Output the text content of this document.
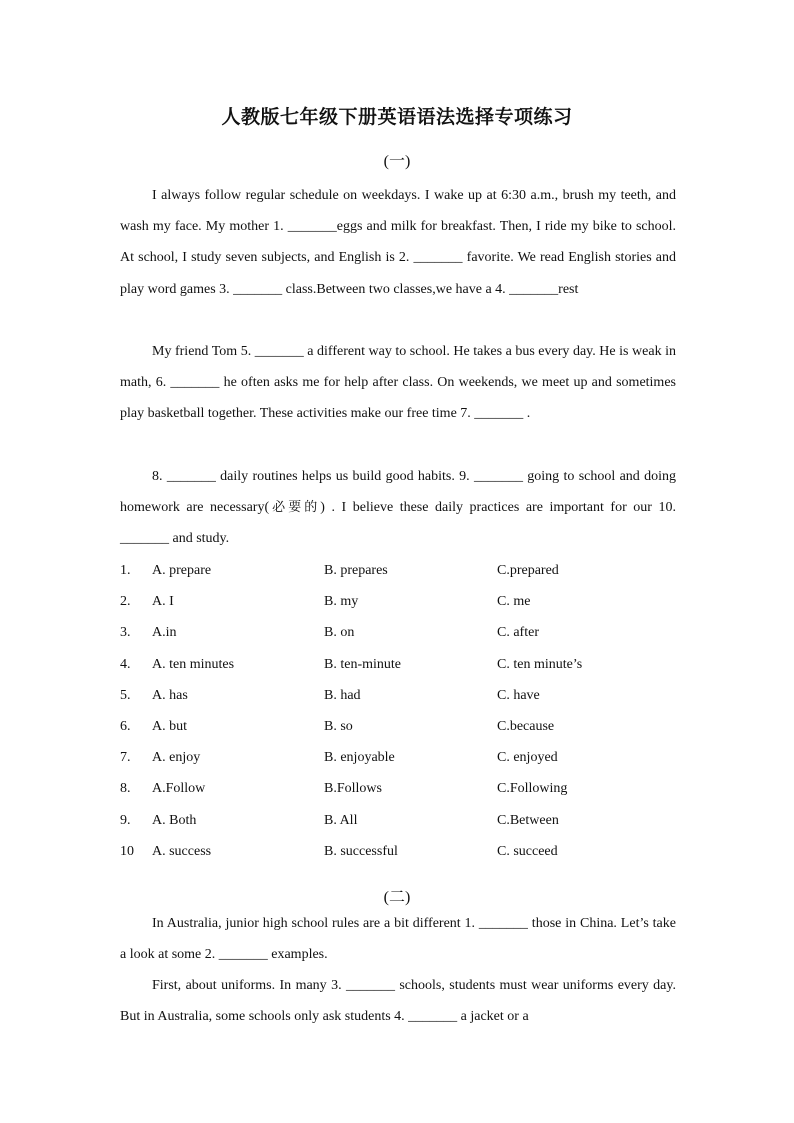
人教版七年级下册英语语法选择专项练习
(一)

I always follow regular schedule on weekdays. I wake up at 6:30 a.m., brush my teeth, and wash my face. My mother 1. _______eggs and milk for breakfast. Then, I ride my bike to school. At school, I study seven subjects, and English is 2. _______ favorite. We read English stories and play word games 3. _______ class.Between two classes,we have a 4. _______rest

My friend Tom 5. _______ a different way to school. He takes a bus every day. He is weak in math, 6. _______ he often asks me for help after class. On weekends, we meet up and sometimes play basketball together. These activities make our free time 7. _______ .

8. _______ daily routines helps us build good habits. 9. _______ going to school and doing homework are necessary(必要的) . I believe these daily practices are important for our 10. _______ and study.

1. A. prepare	B. prepares	C.prepared
2. A. I	B. my	C. me
3. A.in	B. on	C. after
4. A. ten minutes	B. ten-minute	C. ten minute’s
5. A. has	B. had	C. have
6. A. but	B. so	C.because
7. A. enjoy	B. enjoyable	C. enjoyed
8. A.Follow	B.Follows	C.Following
9. A. Both	B. All	C.Between
10 A. success	B. successful	C. succeed
(二)

In Australia, junior high school rules are a bit different 1. _______ those in China. Let’s take a look at some 2. _______ examples.

First, about uniforms. In many 3. _______ schools, students must wear uniforms every day. But in Australia, some schools only ask students 4. _______ a jacket or a
